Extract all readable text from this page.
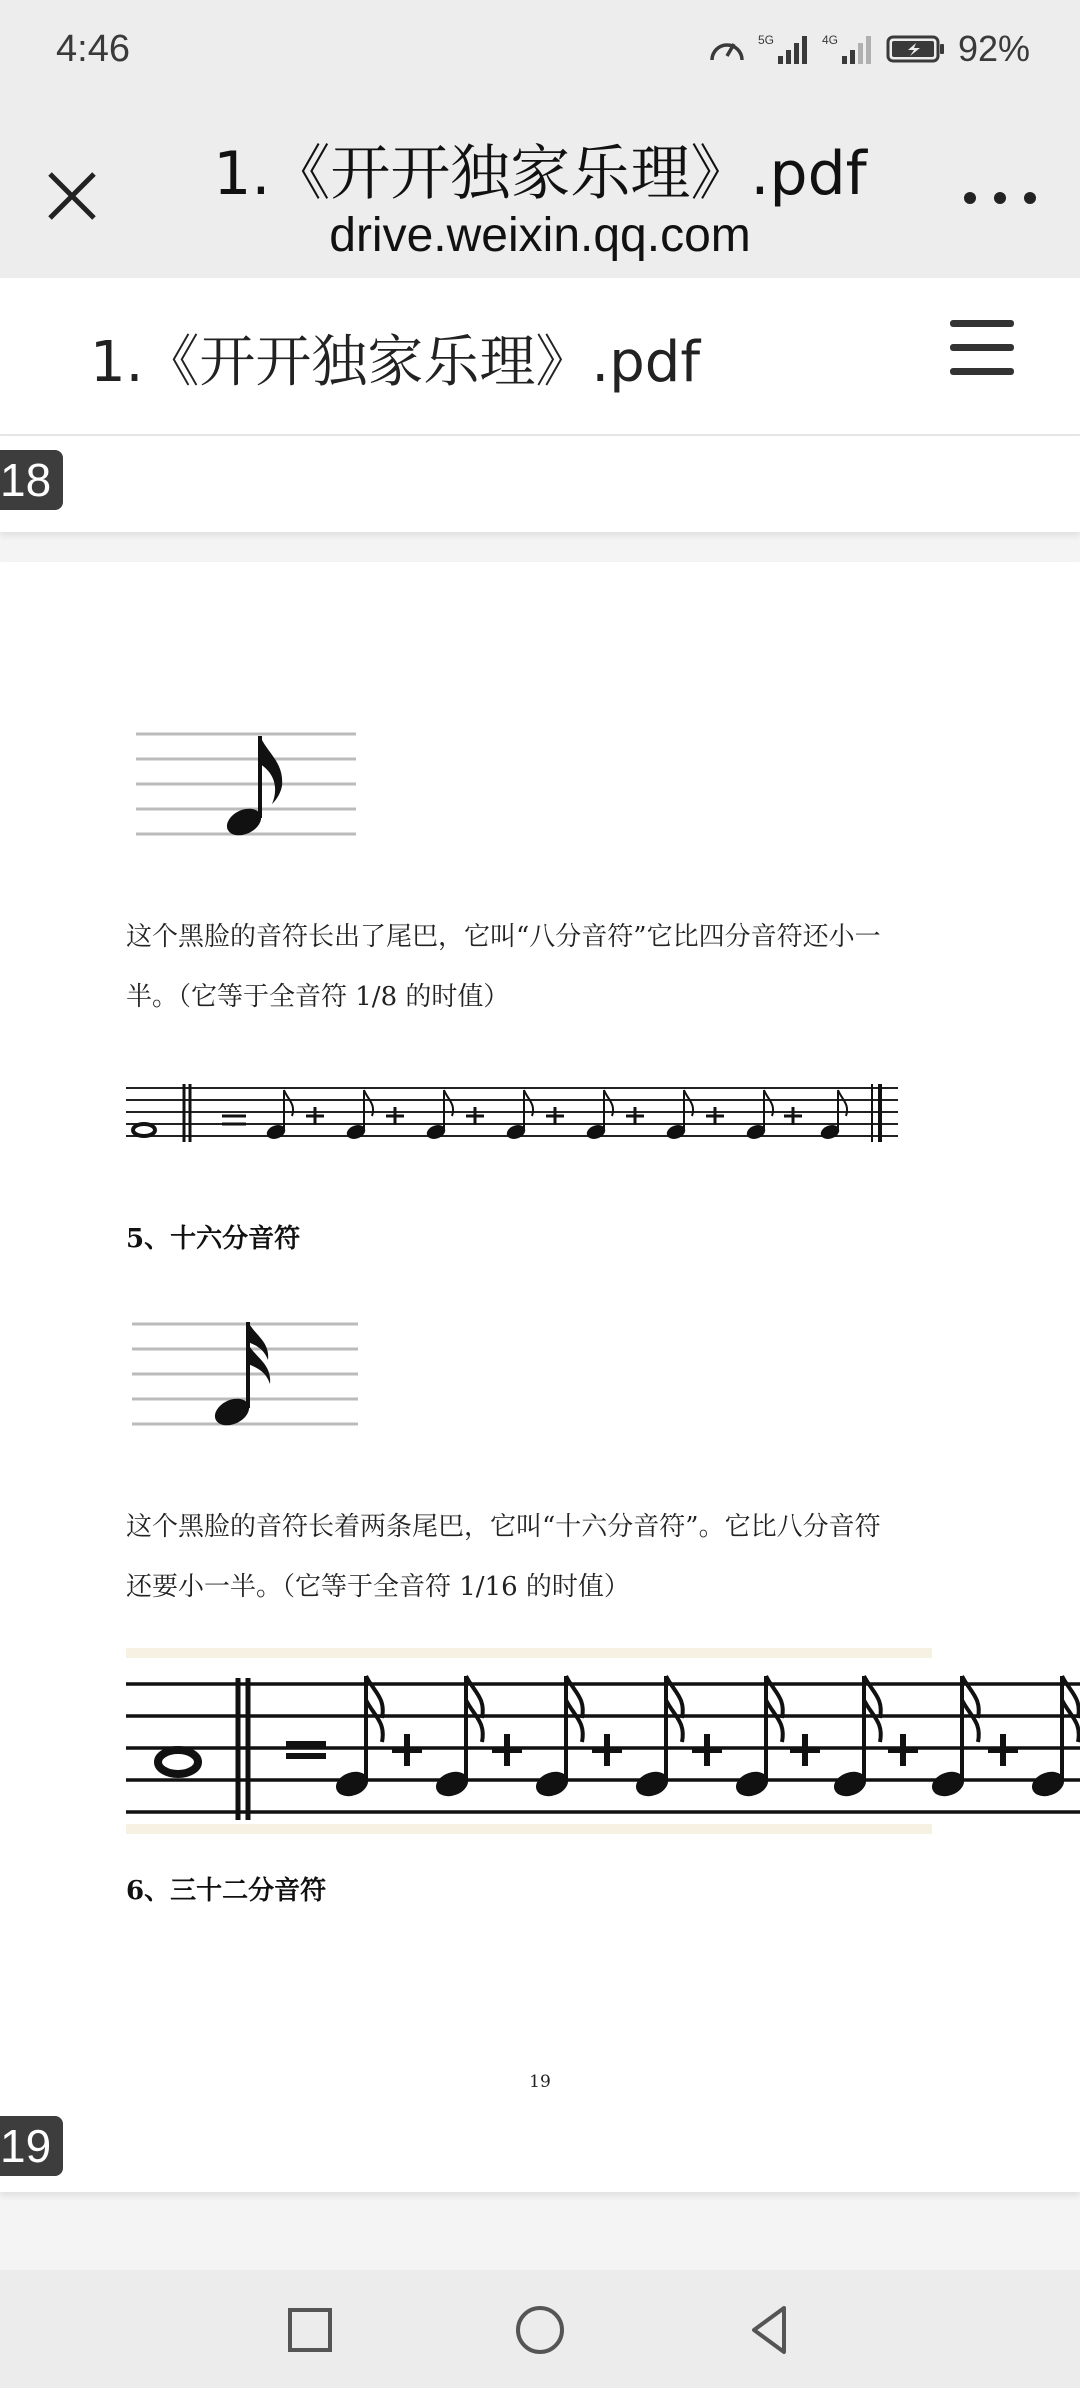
4:46	5G	4G	92%
1.《开开独家乐理》.pdf
drive.weixin.qq.com
1.《开开独家乐理》.pdf
18
这个黑脸的音符长出了尾巴，它叫“八分音符”它比四分音符还小一
半。（它等于全音符 1/8 的时值）
5、十六分音符
这个黑脸的音符长着两条尾巴，它叫“十六分音符”。它比八分音符
还要小一半。（它等于全音符 1/16 的时值）
6、三十二分音符
19
19
